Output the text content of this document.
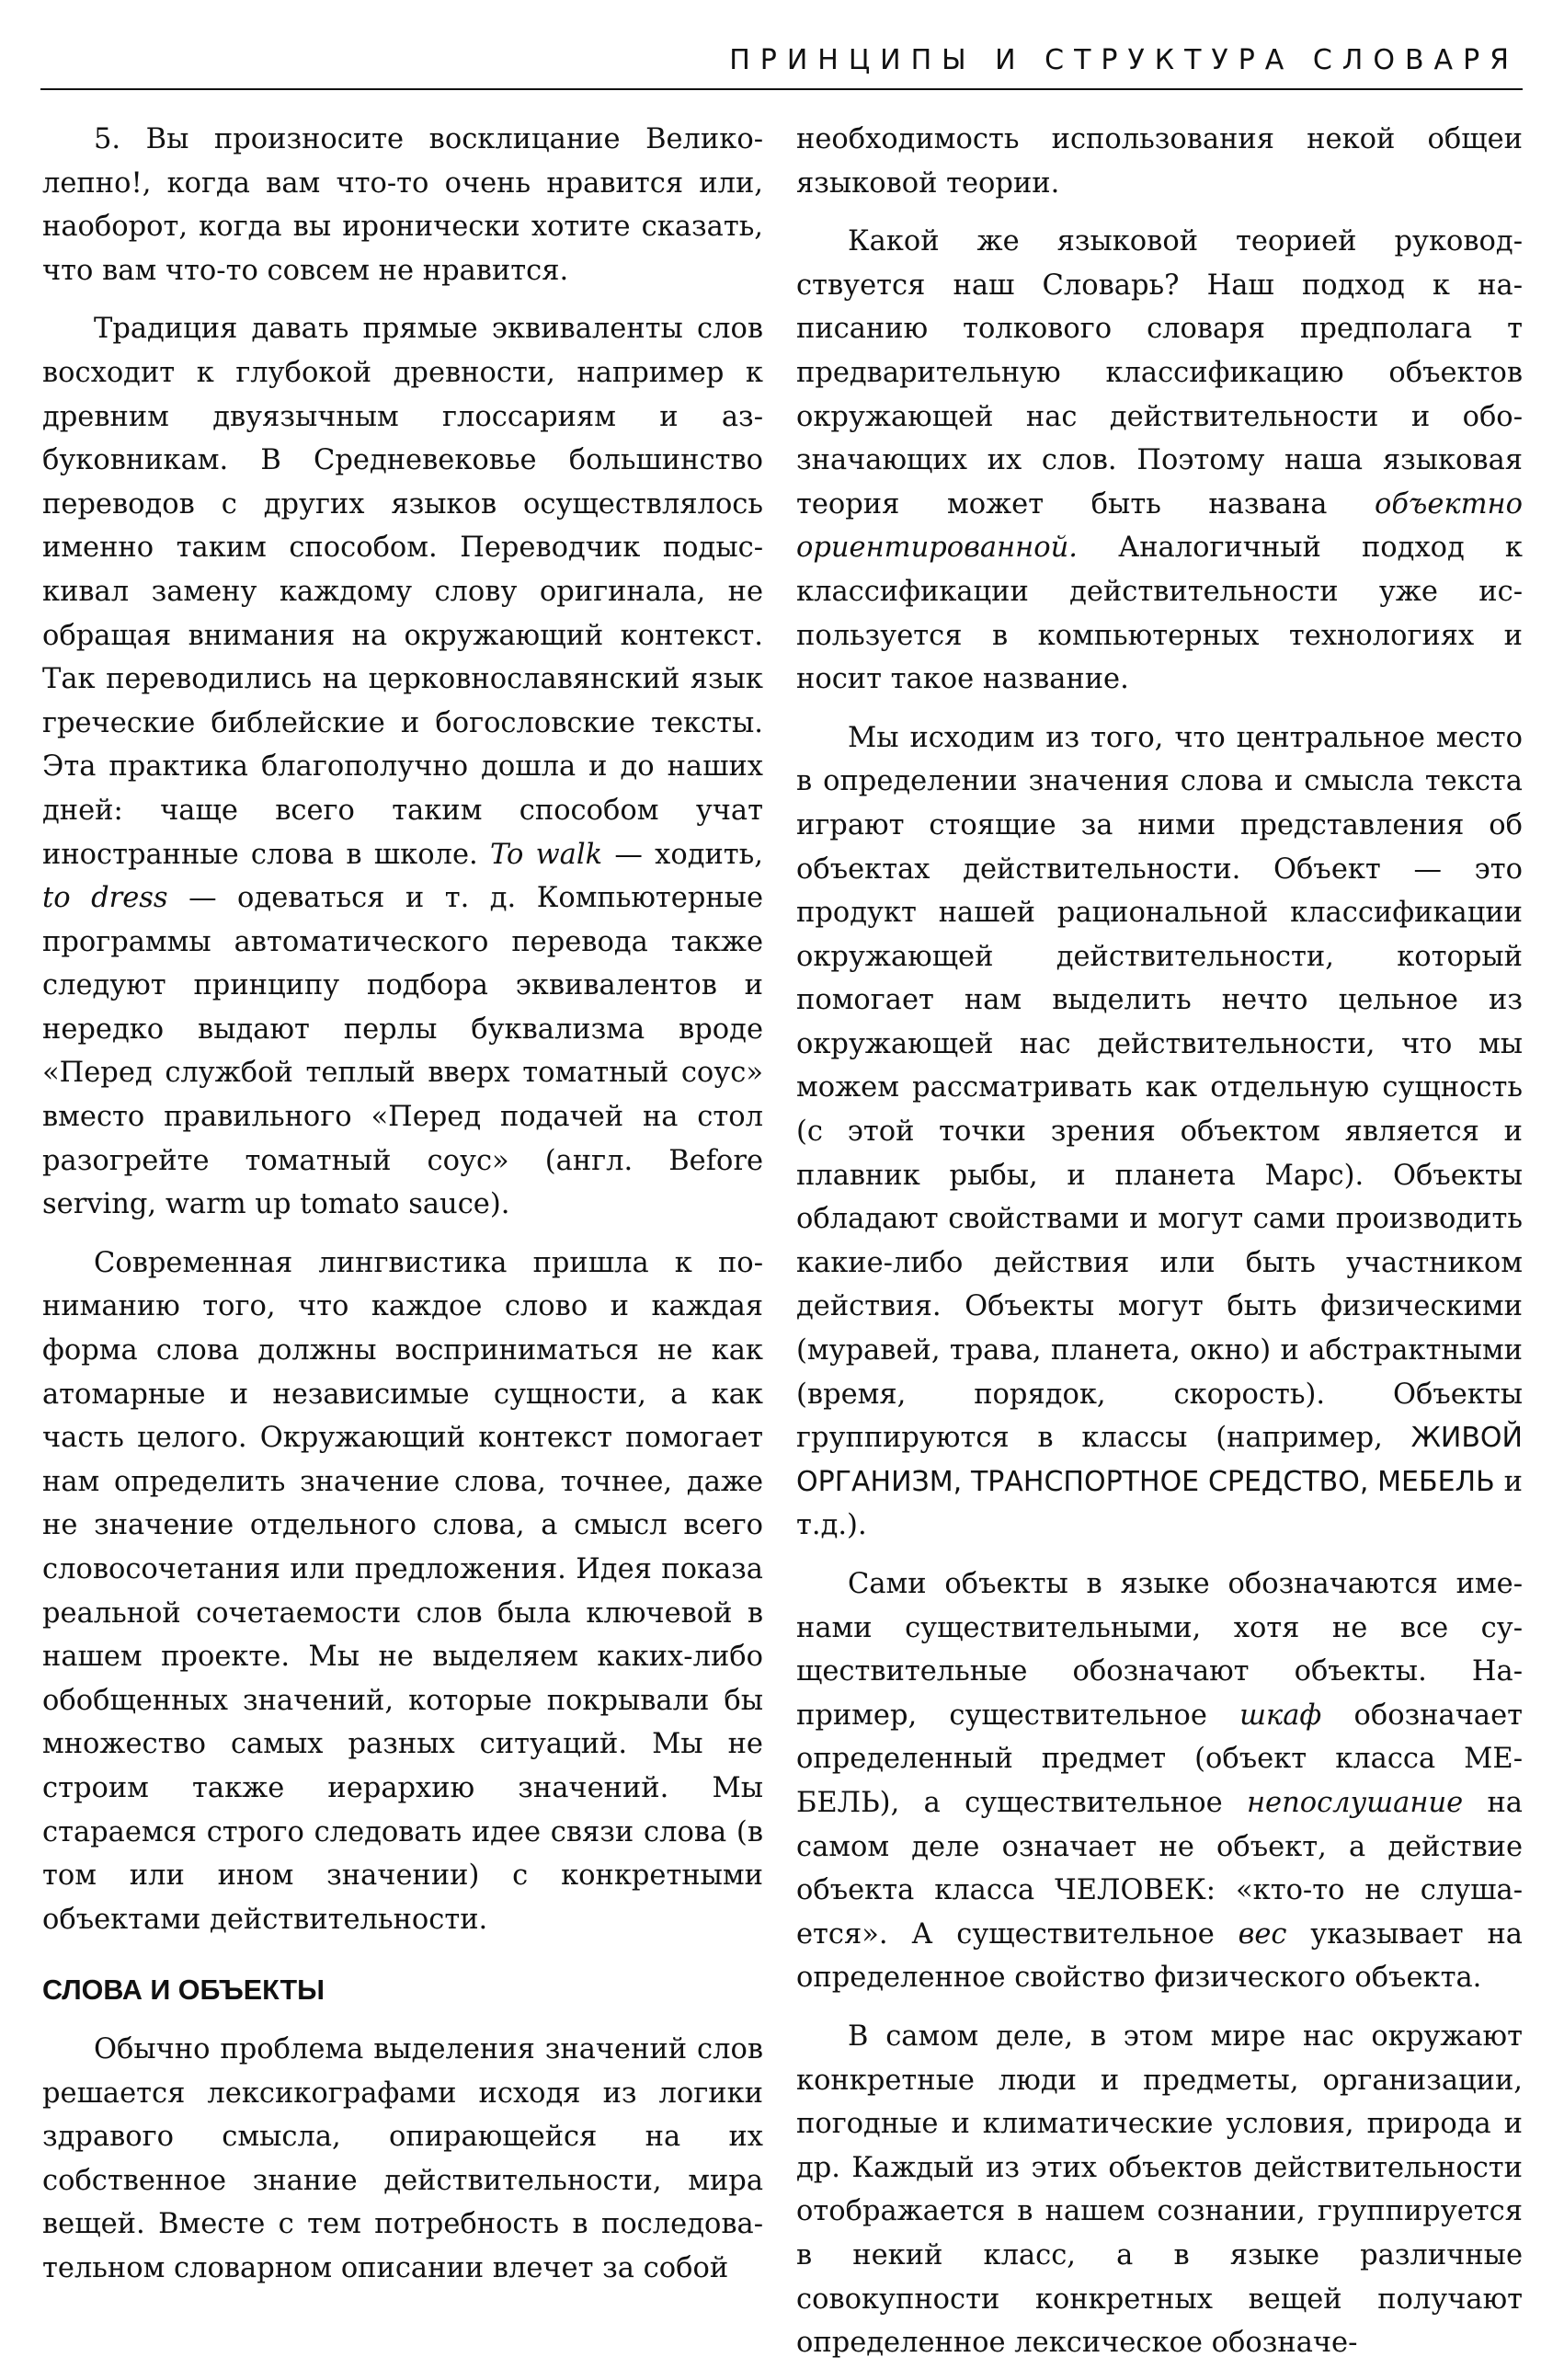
ПРИНЦИПЫ И СТРУКТУРА СЛОВАРЯ

5. Вы произносите восклицание Великолепно!, когда вам что-то очень нравится или, наоборот, когда вы иронически хотите сказать, что вам что-то совсем не нравится.

Традиция давать прямые эквиваленты слов восходит к глубокой древности, например к древним двуязычным глоссариям и азбуковникам. В Средневековье большинство переводов с других языков осуществлялось именно таким способом. Переводчик подыскивал замену каждому слову оригинала, не обращая внимания на окружающий контекст. Так переводились на церковнославянский язык греческие библейские и богословские тексты. Эта практика благополучно дошла и до наших дней: чаще всего таким способом учат иностранные слова в школе. To walk — ходить, to dress — одеваться и т. д. Компьютерные программы автоматического перевода также следуют принципу подбора эквивалентов и нередко выдают перлы буквализма вроде «Перед службой теплый вверх томатный соус» вместо правильного «Перед подачей на стол разогрейте томатный соус» (англ. Before serving, warm up tomato sauce).

Современная лингвистика пришла к пониманию того, что каждое слово и каждая форма слова должны восприниматься не как атомарные и независимые сущности, а как часть целого. Окружающий контекст помогает нам определить значение слова, точнее, даже не значение отдельного слова, а смысл всего словосочетания или предложения. Идея показа реальной сочетаемости слов была ключевой в нашем проекте. Мы не выделяем каких-либо обобщенных значений, которые покрывали бы множество самых разных ситуаций. Мы не строим также иерархию значений. Мы стараемся строго следовать идее связи слова (в том или ином значении) с конкретными объектами действительности.

СЛОВА И ОБЪЕКТЫ

Обычно проблема выделения значений слов решается лексикографами исходя из логики здравого смысла, опирающейся на их собственное знание действительности, мира вещей. Вместе с тем потребность в последовательном словарном описании влечет за собой

необходимость использования некой общеи языковой теории.

Какой же языковой теорией руководствуется наш Словарь? Наш подход к написанию толкового словаря предполага т предварительную классификацию объектов окружающей нас действительности и обозначающих их слов. Поэтому наша языковая теория может быть названа объектно ориентированной. Аналогичный подход к классификации действительности уже используется в компьютерных технологиях и носит такое название.

Мы исходим из того, что центральное место в определении значения слова и смысла текста играют стоящие за ними представления об объектах действительности. Объект — это продукт нашей рациональной классификации окружающей действительности, который помогает нам выделить нечто цельное из окружающей нас действительности, что мы можем рассматривать как отдельную сущность (с этой точки зрения объектом является и плавник рыбы, и планета Марс). Объекты обладают свойствами и могут сами производить какие-либо действия или быть участником действия. Объекты могут быть физическими (муравей, трава, планета, окно) и абстрактными (время, порядок, скорость). Объекты группируются в классы (например, ЖИВОЙ ОРГАНИЗМ, ТРАНСПОРТНОЕ СРЕДСТВО, МЕБЕЛЬ и т.д.).

Сами объекты в языке обозначаются именами существительными, хотя не все существительные обозначают объекты. Например, существительное шкаф обозначает определенный предмет (объект класса МЕБЕЛЬ), а существительное непослушание на самом деле означает не объект, а действие объекта класса ЧЕЛОВЕК: «кто-то не слушается». А существительное вес указывает на определенное свойство физического объекта.

В самом деле, в этом мире нас окружают конкретные люди и предметы, организации, погодные и климатические условия, природа и др. Каждый из этих объектов действительности отображается в нашем сознании, группируется в некий класс, а в языке различные совокупности конкретных вещей получают определенное лексическое обозначе-
